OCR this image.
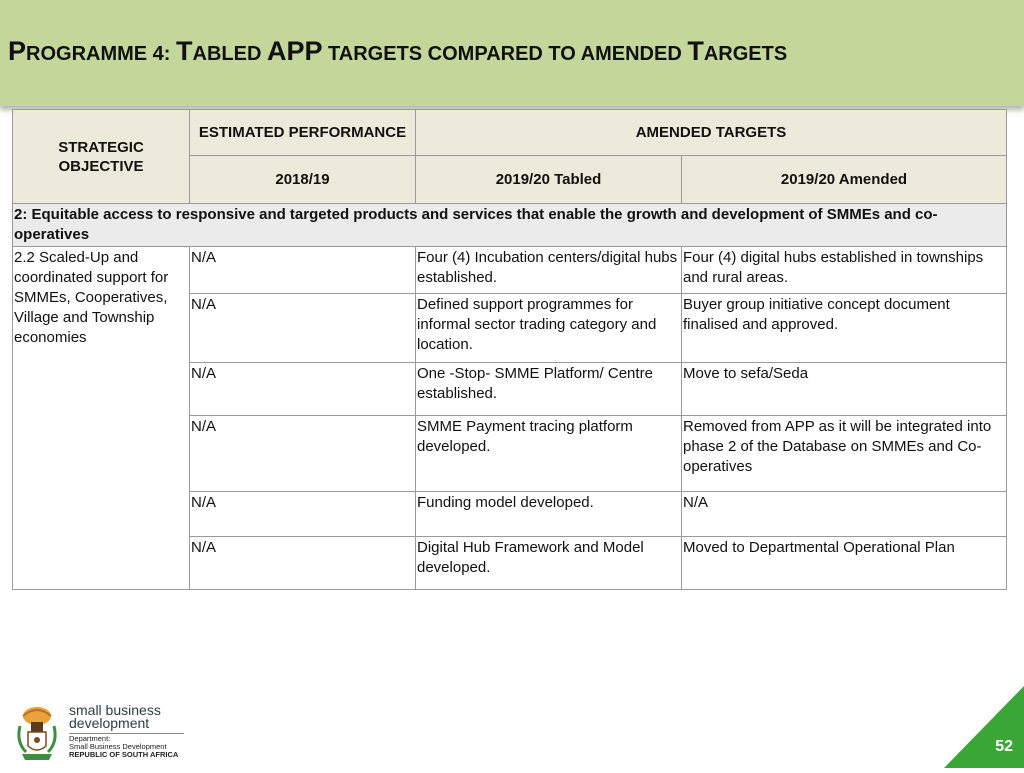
PROGRAMME 4: TABLED APP TARGETS COMPARED TO AMENDED TARGETS
STRATEGIC OBJECTIVE	ESTIMATED PERFORMANCE	AMENDED TARGETS	
	2018/19	2019/20 Tabled	2019/20 Amended
2: Equitable access to responsive and targeted products and services that enable the growth and development of SMMEs and co-operatives			
2.2 Scaled-Up and coordinated support for SMMEs, Cooperatives, Village and Township economies	N/A	Four (4) Incubation centers/digital hubs established.	Four (4) digital hubs established in townships and rural areas.
	N/A	Defined support programmes for informal sector trading category and location.	Buyer group initiative concept document finalised and approved.
	N/A	One -Stop- SMME Platform/ Centre established.	Move to sefa/Seda
	N/A	SMME Payment tracing platform developed.	Removed from APP as it will be integrated into phase 2 of the Database on SMMEs and Co-operatives
	N/A	Funding model developed.	N/A
	N/A	Digital Hub Framework and Model developed.	Moved to Departmental Operational Plan
small business
development
Department:
Small Business Development
REPUBLIC OF SOUTH AFRICA	52
